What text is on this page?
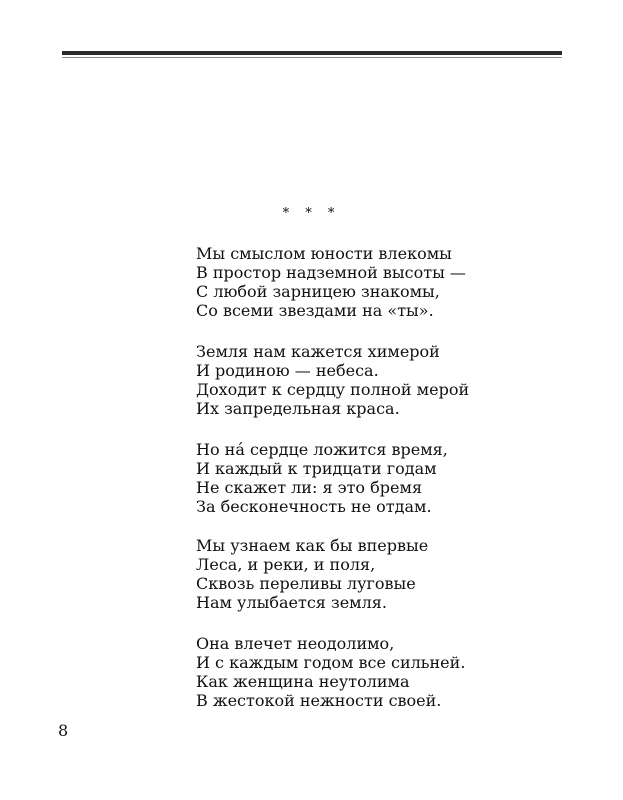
* * *
Мы смыслом юности влекомы
В простор надземной высоты —
С любой зарницею знакомы,
Со всеми звездами на «ты».
Земля нам кажется химерой
И родиною — небеса.
Доходит к сердцу полной мерой
Их запредельная краса.
Но на́ сердце ложится время,
И каждый к тридцати годам
Не скажет ли: я это бремя
За бесконечность не отдам.
Мы узнаем как бы впервые
Леса, и реки, и поля,
Сквозь переливы луговые
Нам улыбается земля.
Она влечет неодолимо,
И с каждым годом все сильней.
Как женщина неутолима
В жестокой нежности своей.
8
